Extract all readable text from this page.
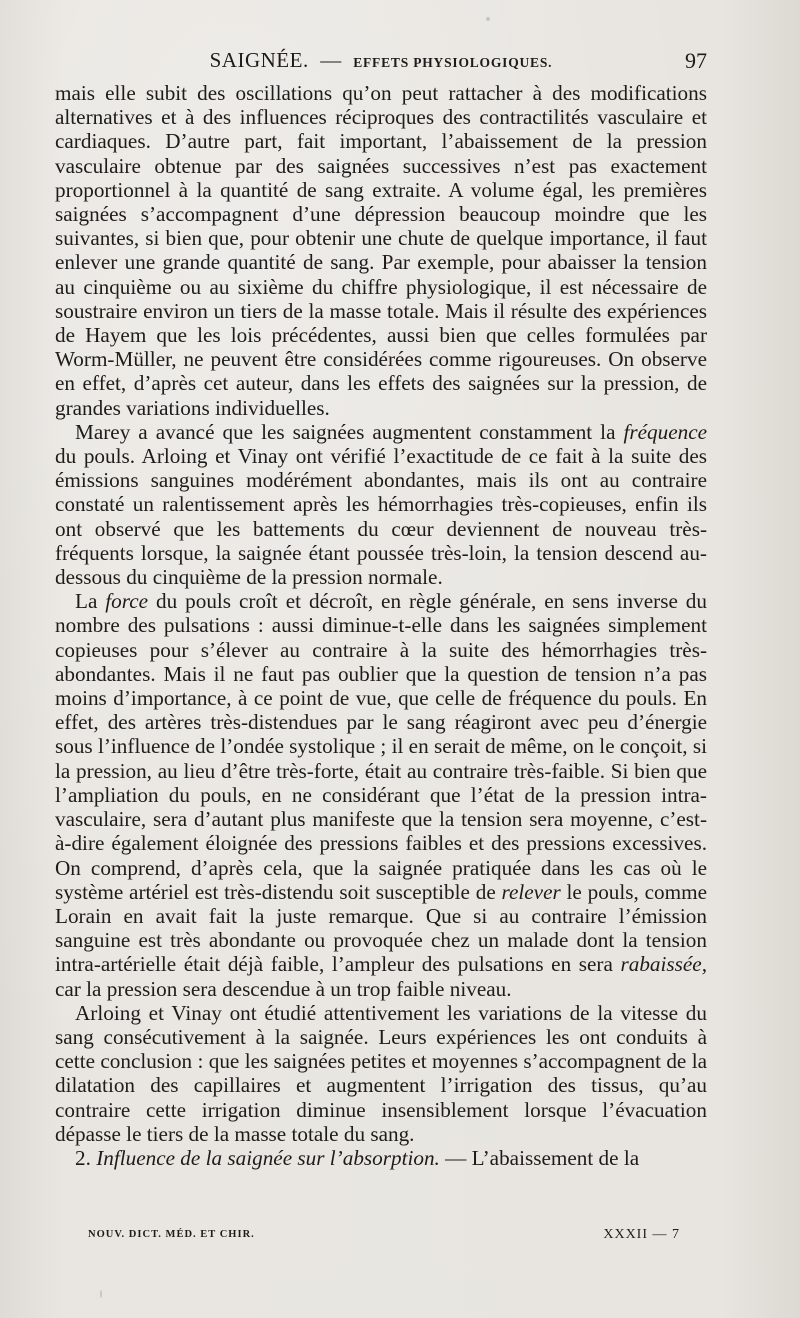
SAIGNÉE. — EFFETS PHYSIOLOGIQUES.	97

mais elle subit des oscillations qu’on peut rattacher à des modifications alternatives et à des influences réciproques des contractilités vasculaire et cardiaques. D’autre part, fait important, l’abaissement de la pression vasculaire obtenue par des saignées successives n’est pas exactement proportionnel à la quantité de sang extraite. A volume égal, les premières saignées s’accompagnent d’une dépression beaucoup moindre que les suivantes, si bien que, pour obtenir une chute de quelque importance, il faut enlever une grande quantité de sang. Par exemple, pour abaisser la tension au cinquième ou au sixième du chiffre physiologique, il est nécessaire de soustraire environ un tiers de la masse totale. Mais il résulte des expériences de Hayem que les lois précédentes, aussi bien que celles formulées par Worm-Müller, ne peuvent être considérées comme rigoureuses. On observe en effet, d’après cet auteur, dans les effets des saignées sur la pression, de grandes variations individuelles.

Marey a avancé que les saignées augmentent constamment la fréquence du pouls. Arloing et Vinay ont vérifié l’exactitude de ce fait à la suite des émissions sanguines modérément abondantes, mais ils ont au contraire constaté un ralentissement après les hémorrhagies très-copieuses, enfin ils ont observé que les battements du cœur deviennent de nouveau très-fréquents lorsque, la saignée étant poussée très-loin, la tension descend au-dessous du cinquième de la pression normale.

La force du pouls croît et décroît, en règle générale, en sens inverse du nombre des pulsations : aussi diminue-t-elle dans les saignées simplement copieuses pour s’élever au contraire à la suite des hémorrhagies très-abondantes. Mais il ne faut pas oublier que la question de tension n’a pas moins d’importance, à ce point de vue, que celle de fréquence du pouls. En effet, des artères très-distendues par le sang réagiront avec peu d’énergie sous l’influence de l’ondée systolique ; il en serait de même, on le conçoit, si la pression, au lieu d’être très-forte, était au contraire très-faible. Si bien que l’ampliation du pouls, en ne considérant que l’état de la pression intra-vasculaire, sera d’autant plus manifeste que la tension sera moyenne, c’est-à-dire également éloignée des pressions faibles et des pressions excessives. On comprend, d’après cela, que la saignée pratiquée dans les cas où le système artériel est très-distendu soit susceptible de relever le pouls, comme Lorain en avait fait la juste remarque. Que si au contraire l’émission sanguine est très abondante ou provoquée chez un malade dont la tension intra-artérielle était déjà faible, l’ampleur des pulsations en sera rabaissée, car la pression sera descendue à un trop faible niveau.

Arloing et Vinay ont étudié attentivement les variations de la vitesse du sang consécutivement à la saignée. Leurs expériences les ont conduits à cette conclusion : que les saignées petites et moyennes s’accompagnent de la dilatation des capillaires et augmentent l’irrigation des tissus, qu’au contraire cette irrigation diminue insensiblement lorsque l’évacuation dépasse le tiers de la masse totale du sang.

2. Influence de la saignée sur l’absorption. — L’abaissement de la

NOUV. DICT. MÉD. ET CHIR.	XXXII — 7
